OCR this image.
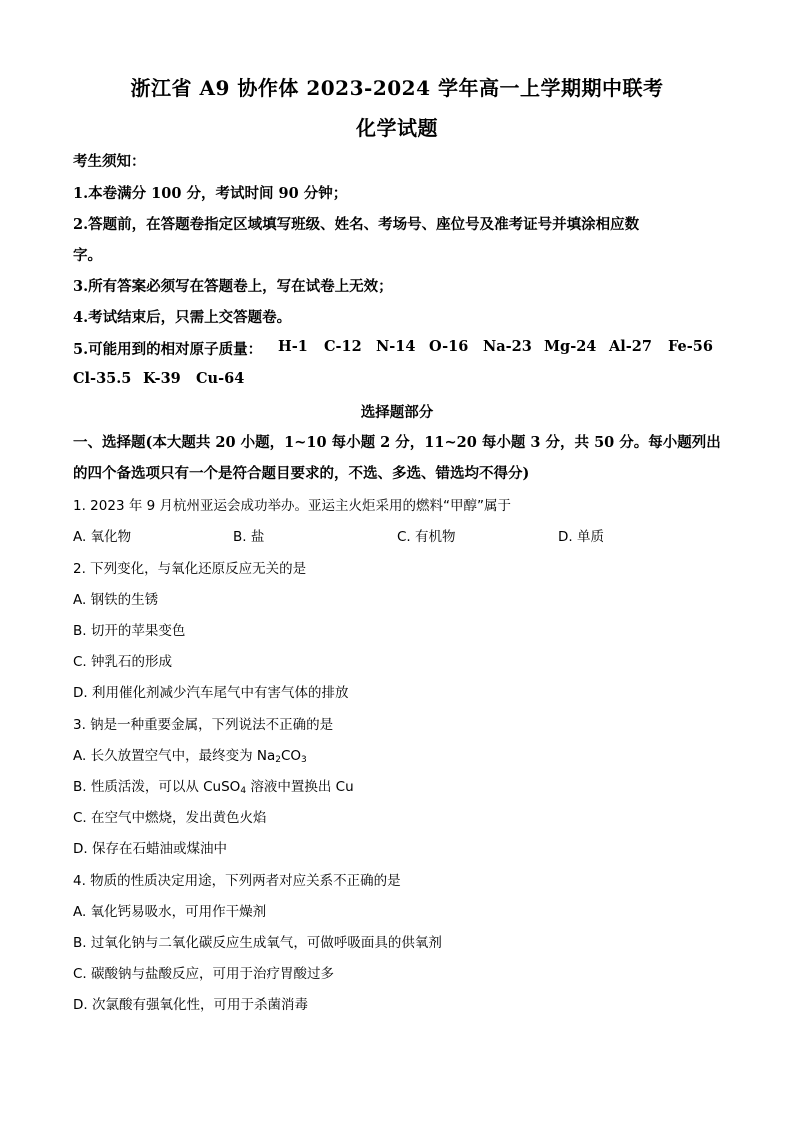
浙江省 A9 协作体 2023-2024 学年高一上学期期中联考
化学试题
考生须知：
1.本卷满分 100 分，考试时间 90 分钟；
2.答题前，在答题卷指定区域填写班级、姓名、考场号、座位号及准考证号并填涂相应数
字。
3.所有答案必须写在答题卷上，写在试卷上无效；
4.考试结束后，只需上交答题卷。
5.可能用到的相对原子质量： H-1 C-12 N-14 O-16 Na-23 Mg-24 Al-27 Fe-56
Cl-35.5 K-39 Cu-64
选择题部分
一、选择题(本大题共 20 小题，1~10 每小题 2 分，11~20 每小题 3 分，共 50 分。每小题列出
的四个备选项只有一个是符合题目要求的，不选、多选、错选均不得分)
1. 2023 年 9 月杭州亚运会成功举办。亚运主火炬采用的燃料“甲醇”属于
A. 氧化物	B. 盐	C. 有机物	D. 单质
2. 下列变化，与氧化还原反应无关的是
A. 钢铁的生锈
B. 切开的苹果变色
C. 钟乳石的形成
D. 利用催化剂减少汽车尾气中有害气体的排放
3. 钠是一种重要金属，下列说法不正确的是
A. 长久放置空气中，最终变为 $Na_2CO_3$
B. 性质活泼，可以从 CuSO$_4$ 溶液中置换出 Cu
C. 在空气中燃烧，发出黄色火焰
D. 保存在石蜡油或煤油中
4. 物质的性质决定用途，下列两者对应关系不正确的是
A. 氧化钙易吸水，可用作干燥剂
B. 过氧化钠与二氧化碳反应生成氧气，可做呼吸面具的供氧剂
C. 碳酸钠与盐酸反应，可用于治疗胃酸过多
D. 次氯酸有强氧化性，可用于杀菌消毒
